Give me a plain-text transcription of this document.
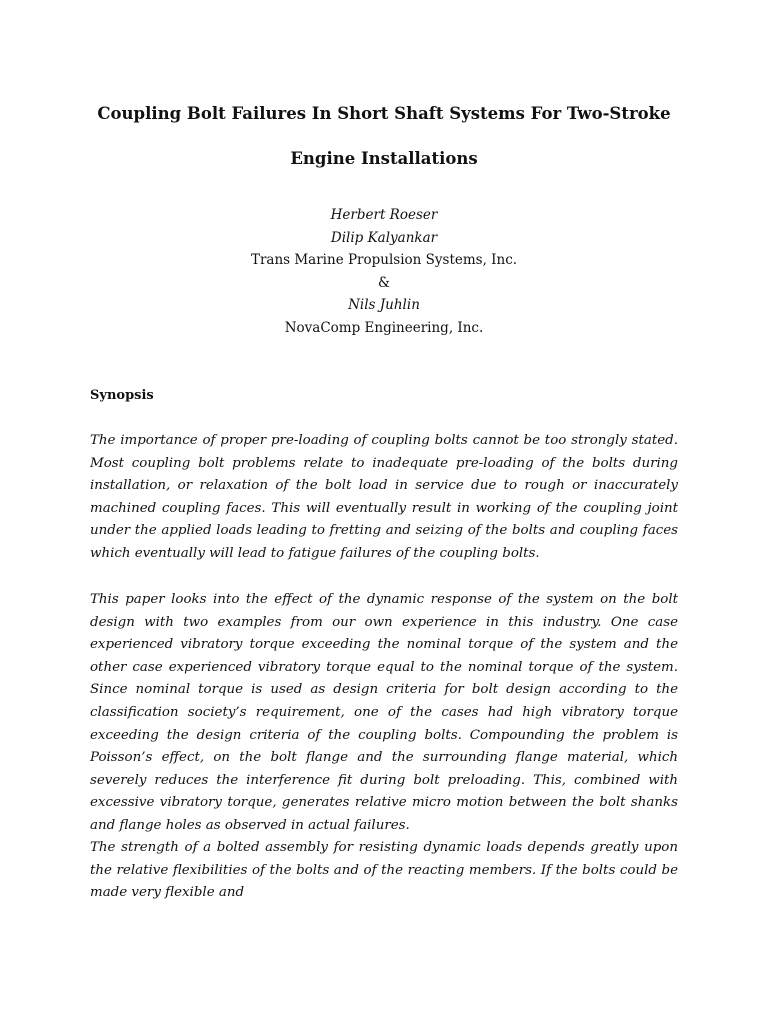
Coupling Bolt Failures In Short Shaft Systems For Two-Stroke
Engine Installations
Herbert Roeser
Dilip Kalyankar
Trans Marine Propulsion Systems, Inc.
&
Nils Juhlin
NovaComp Engineering, Inc.
Synopsis

The importance of proper pre-loading of coupling bolts cannot be too strongly stated. Most coupling bolt problems relate to inadequate pre-loading of the bolts during installation, or relaxation of the bolt load in service due to rough or inaccurately machined coupling faces. This will eventually result in working of the coupling joint under the applied loads leading to fretting and seizing of the bolts and coupling faces which eventually will lead to fatigue failures of the coupling bolts.

This paper looks into the effect of the dynamic response of the system on the bolt design with two examples from our own experience in this industry. One case experienced vibratory torque exceeding the nominal torque of the system and the other case experienced vibratory torque equal to the nominal torque of the system. Since nominal torque is used as design criteria for bolt design according to the classification society’s requirement, one of the cases had high vibratory torque exceeding the design criteria of the coupling bolts. Compounding the problem is Poisson’s effect, on the bolt flange and the surrounding flange material, which severely reduces the interference fit during bolt preloading. This, combined with excessive vibratory torque, generates relative micro motion between the bolt shanks and flange holes as observed in actual failures.

The strength of a bolted assembly for resisting dynamic loads depends greatly upon the relative flexibilities of the bolts and of the reacting members. If the bolts could be made very flexible and
